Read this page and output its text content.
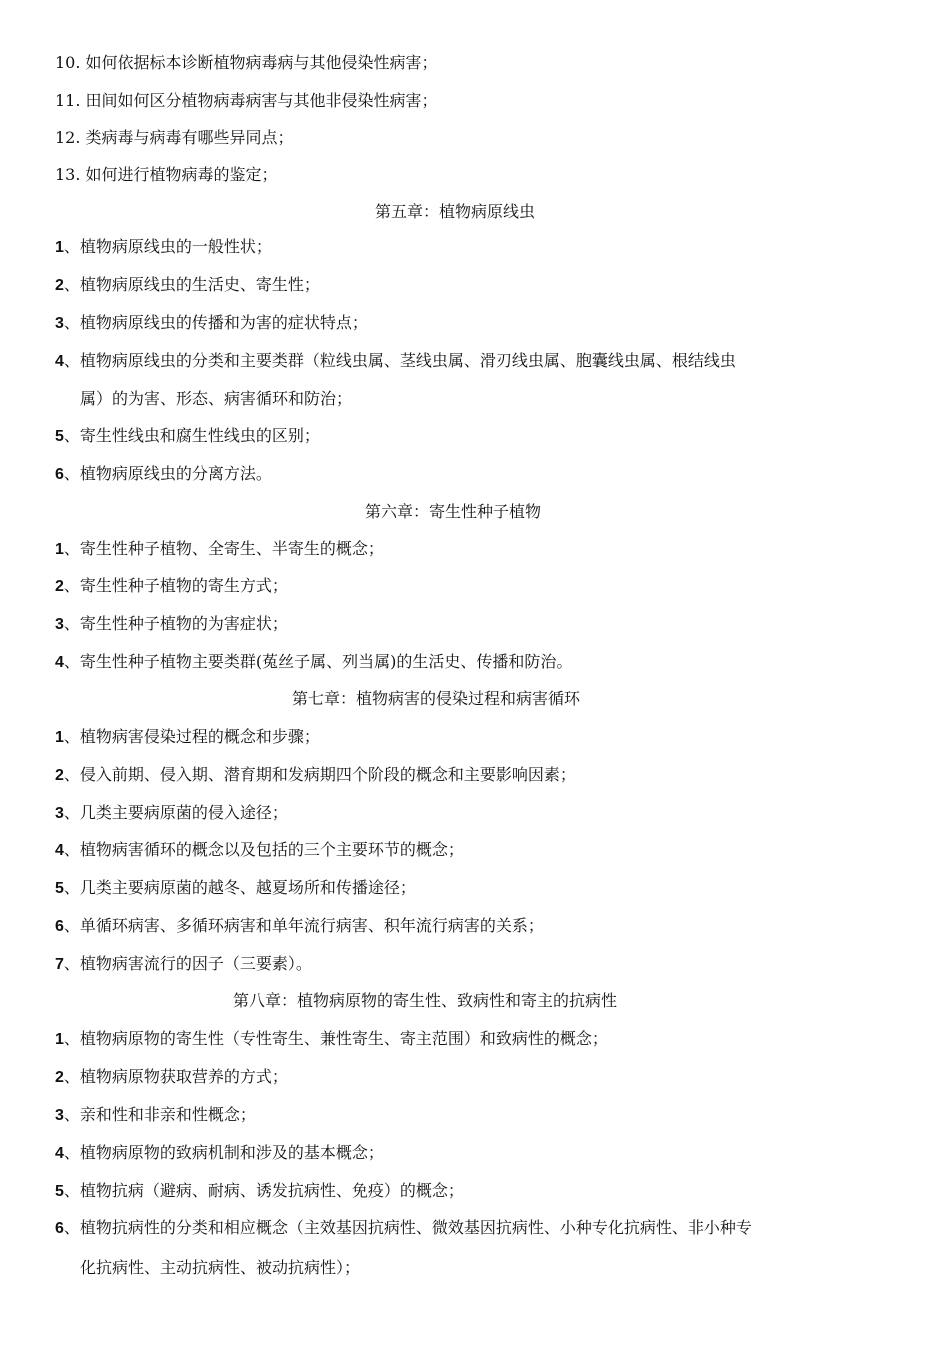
10. 如何依据标本诊断植物病毒病与其他侵染性病害；
11. 田间如何区分植物病毒病害与其他非侵染性病害；
12. 类病毒与病毒有哪些异同点；
13. 如何进行植物病毒的鉴定；
第五章：植物病原线虫
1、植物病原线虫的一般性状；
2、植物病原线虫的生活史、寄生性；
3、植物病原线虫的传播和为害的症状特点；
4、植物病原线虫的分类和主要类群（粒线虫属、茎线虫属、滑刃线虫属、胞囊线虫属、根结线虫
属）的为害、形态、病害循环和防治；
5、寄生性线虫和腐生性线虫的区别；
6、植物病原线虫的分离方法。
第六章：寄生性种子植物
1、寄生性种子植物、全寄生、半寄生的概念；
2、寄生性种子植物的寄生方式；
3、寄生性种子植物的为害症状；
4、寄生性种子植物主要类群(菟丝子属、列当属)的生活史、传播和防治。
第七章：植物病害的侵染过程和病害循环
1、植物病害侵染过程的概念和步骤；
2、侵入前期、侵入期、潜育期和发病期四个阶段的概念和主要影响因素；
3、几类主要病原菌的侵入途径；
4、植物病害循环的概念以及包括的三个主要环节的概念；
5、几类主要病原菌的越冬、越夏场所和传播途径；
6、单循环病害、多循环病害和单年流行病害、积年流行病害的关系；
7、植物病害流行的因子（三要素）。
第八章：植物病原物的寄生性、致病性和寄主的抗病性
1、植物病原物的寄生性（专性寄生、兼性寄生、寄主范围）和致病性的概念；
2、植物病原物获取营养的方式；
3、亲和性和非亲和性概念；
4、植物病原物的致病机制和涉及的基本概念；
5、植物抗病（避病、耐病、诱发抗病性、免疫）的概念；
6、植物抗病性的分类和相应概念（主效基因抗病性、微效基因抗病性、小种专化抗病性、非小种专
化抗病性、主动抗病性、被动抗病性）；
